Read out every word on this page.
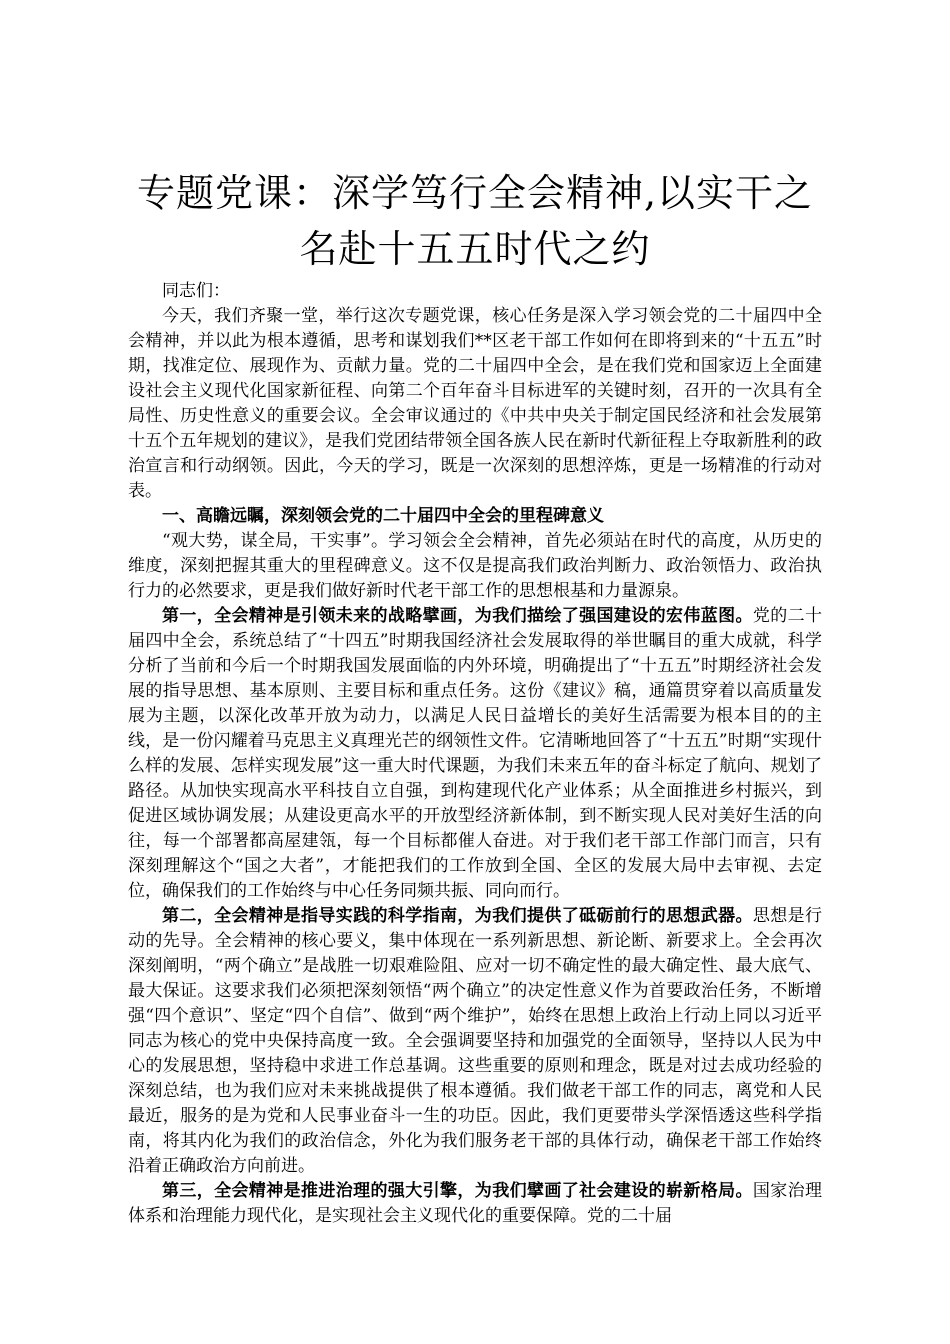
专题党课：深学笃行全会精神,以实干之名赴十五五时代之约

同志们：

今天，我们齐聚一堂，举行这次专题党课，核心任务是深入学习领会党的二十届四中全会精神，并以此为根本遵循，思考和谋划我们**区老干部工作如何在即将到来的“十五五”时期，找准定位、展现作为、贡献力量。党的二十届四中全会，是在我们党和国家迈上全面建设社会主义现代化国家新征程、向第二个百年奋斗目标进军的关键时刻，召开的一次具有全局性、历史性意义的重要会议。全会审议通过的《中共中央关于制定国民经济和社会发展第十五个五年规划的建议》，是我们党团结带领全国各族人民在新时代新征程上夺取新胜利的政治宣言和行动纲领。因此，今天的学习，既是一次深刻的思想淬炼，更是一场精准的行动对表。

一、高瞻远瞩，深刻领会党的二十届四中全会的里程碑意义

“观大势，谋全局，干实事”。学习领会全会精神，首先必须站在时代的高度，从历史的维度，深刻把握其重大的里程碑意义。这不仅是提高我们政治判断力、政治领悟力、政治执行力的必然要求，更是我们做好新时代老干部工作的思想根基和力量源泉。

第一，全会精神是引领未来的战略擘画，为我们描绘了强国建设的宏伟蓝图。党的二十届四中全会，系统总结了“十四五”时期我国经济社会发展取得的举世瞩目的重大成就，科学分析了当前和今后一个时期我国发展面临的内外环境，明确提出了“十五五”时期经济社会发展的指导思想、基本原则、主要目标和重点任务。这份《建议》稿，通篇贯穿着以高质量发展为主题，以深化改革开放为动力，以满足人民日益增长的美好生活需要为根本目的的主线，是一份闪耀着马克思主义真理光芒的纲领性文件。它清晰地回答了“十五五”时期“实现什么样的发展、怎样实现发展”这一重大时代课题，为我们未来五年的奋斗标定了航向、规划了路径。从加快实现高水平科技自立自强，到构建现代化产业体系；从全面推进乡村振兴，到促进区域协调发展；从建设更高水平的开放型经济新体制，到不断实现人民对美好生活的向往，每一个部署都高屋建瓴，每一个目标都催人奋进。对于我们老干部工作部门而言，只有深刻理解这个“国之大者”，才能把我们的工作放到全国、全区的发展大局中去审视、去定位，确保我们的工作始终与中心任务同频共振、同向而行。

第二，全会精神是指导实践的科学指南，为我们提供了砥砺前行的思想武器。思想是行动的先导。全会精神的核心要义，集中体现在一系列新思想、新论断、新要求上。全会再次深刻阐明，“两个确立”是战胜一切艰难险阻、应对一切不确定性的最大确定性、最大底气、最大保证。这要求我们必须把深刻领悟“两个确立”的决定性意义作为首要政治任务，不断增强“四个意识”、坚定“四个自信”、做到“两个维护”，始终在思想上政治上行动上同以习近平同志为核心的党中央保持高度一致。全会强调要坚持和加强党的全面领导，坚持以人民为中心的发展思想，坚持稳中求进工作总基调。这些重要的原则和理念，既是对过去成功经验的深刻总结，也为我们应对未来挑战提供了根本遵循。我们做老干部工作的同志，离党和人民最近，服务的是为党和人民事业奋斗一生的功臣。因此，我们更要带头学深悟透这些科学指南，将其内化为我们的政治信念，外化为我们服务老干部的具体行动，确保老干部工作始终沿着正确政治方向前进。

第三，全会精神是推进治理的强大引擎，为我们擘画了社会建设的崭新格局。国家治理体系和治理能力现代化，是实现社会主义现代化的重要保障。党的二十届
